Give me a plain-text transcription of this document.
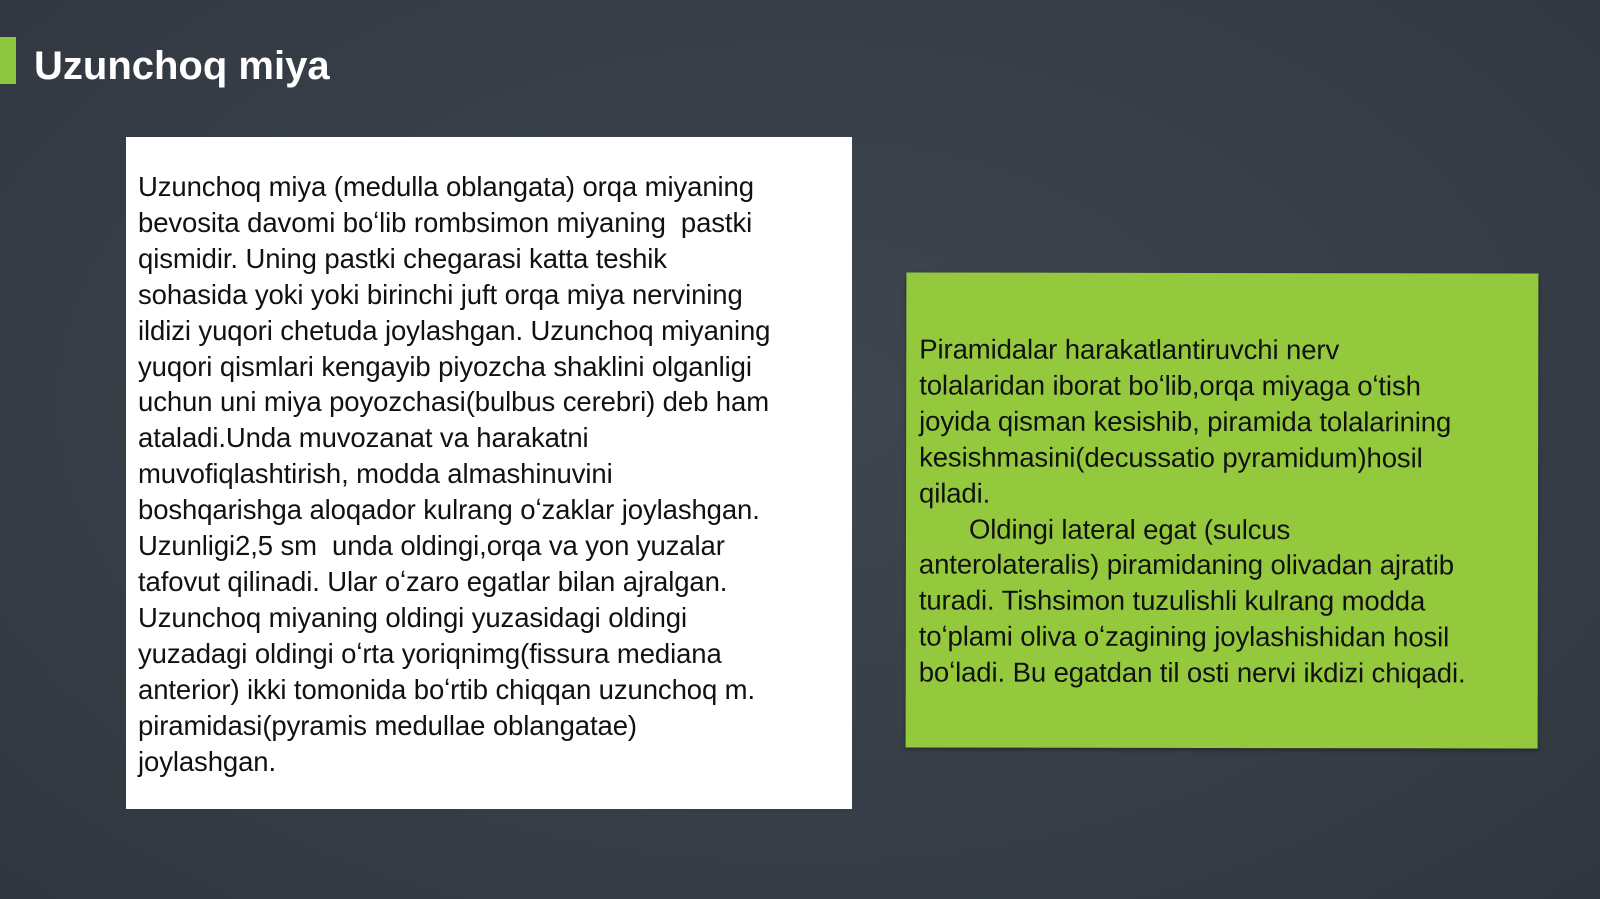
Uzunchoq miya

Uzunchoq miya (medulla oblangata) orqa miyaning
bevosita davomi boʻlib rombsimon miyaning  pastki
qismidir. Uning pastki chegarasi katta teshik
sohasida yoki yoki birinchi juft orqa miya nervining
ildizi yuqori chetuda joylashgan. Uzunchoq miyaning
yuqori qismlari kengayib piyozcha shaklini olganligi
uchun uni miya poyozchasi(bulbus cerebri) deb ham
ataladi.Unda muvozanat va harakatni
muvofiqlashtirish, modda almashinuvini
boshqarishga aloqador kulrang oʻzaklar joylashgan.
Uzunligi2,5 sm  unda oldingi,orqa va yon yuzalar
tafovut qilinadi. Ular oʻzaro egatlar bilan ajralgan.
Uzunchoq miyaning oldingi yuzasidagi oldingi
yuzadagi oldingi oʻrta yoriqnimg(fissura mediana
anterior) ikki tomonida boʻrtib chiqqan uzunchoq m.
piramidasi(pyramis medullae oblangatae)
joylashgan.

Piramidalar harakatlantiruvchi nerv
tolalaridan iborat boʻlib,orqa miyaga oʻtish
joyida qisman kesishib, piramida tolalarining
kesishmasini(decussatio pyramidum)hosil
qiladi.
Oldingi lateral egat (sulcus
anterolateralis) piramidaning olivadan ajratib
turadi. Tishsimon tuzulishli kulrang modda
toʻplami oliva oʻzagining joylashishidan hosil
boʻladi. Bu egatdan til osti nervi ikdizi chiqadi.
